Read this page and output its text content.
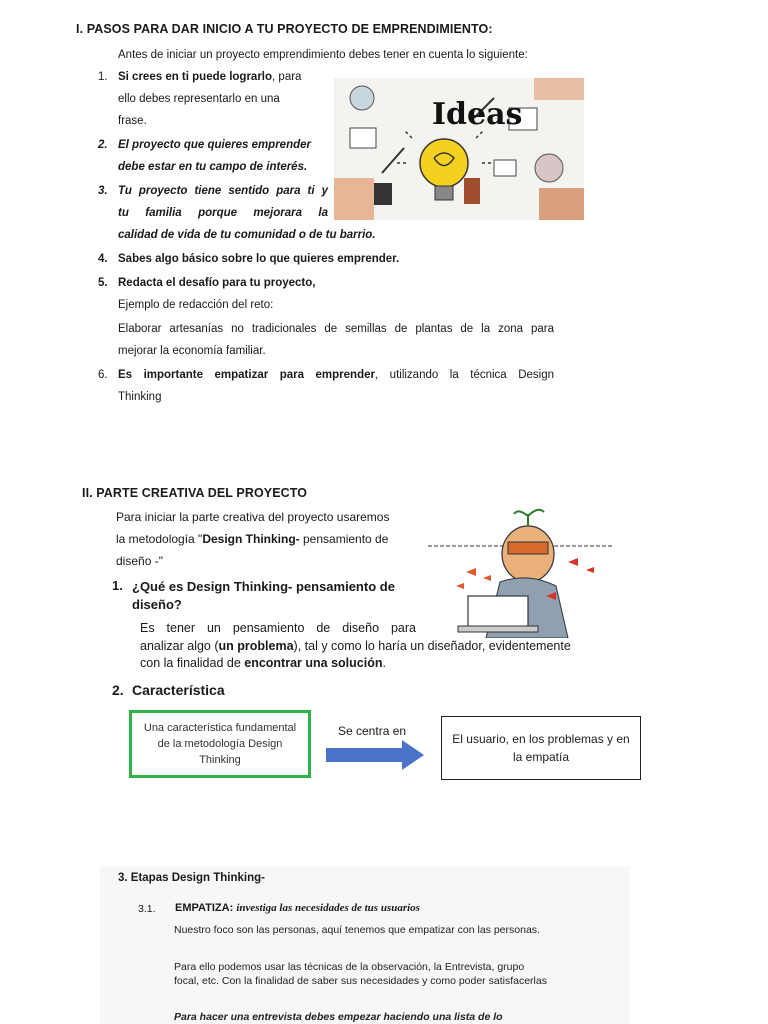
I. PASOS PARA DAR INICIO A TU PROYECTO DE EMPRENDIMIENTO:
Antes de iniciar un proyecto emprendimiento debes tener en cuenta lo siguiente:
1. Si crees en ti puede lograrlo, para
ello debes representarlo en una
frase.
2. El proyecto que quieres emprender
debe estar en tu campo de interés.
3. Tu proyecto tiene sentido para ti y
tu familia porque mejorara la
calidad de vida de tu comunidad o de tu barrio.
Ideas
4. Sabes algo básico sobre lo que quieres emprender.
5. Redacta el desafío para tu proyecto,
Ejemplo de redacción del reto:
Elaborar artesanías no tradicionales de semillas de plantas de la zona para
mejorar la economía familiar.
6. Es importante empatizar para emprender, utilizando la técnica Design
Thinking
II. PARTE CREATIVA DEL PROYECTO
Para iniciar la parte creativa del proyecto usaremos
la metodología "Design Thinking- pensamiento de
diseño -"
1. ¿Qué es Design Thinking- pensamiento de
diseño?
Es tener un pensamiento de diseño para
analizar algo (un problema), tal y como lo haría un diseñador, evidentemente
con la finalidad de encontrar una solución.
2. Característica
Una característica fundamental de la metodología Design Thinking
Se centra en
El usuario, en los problemas y en la empatía
3. Etapas Design Thinking-
3.1. EMPATIZA: investiga las necesidades de tus usuarios
Nuestro foco son las personas, aquí tenemos que empatizar con las personas.
Para ello podemos usar las técnicas de la observación, la Entrevista, grupo focal, etc. Con la finalidad de saber sus necesidades y como poder satisfacerlas
Para hacer una entrevista debes empezar haciendo una lista de lo
